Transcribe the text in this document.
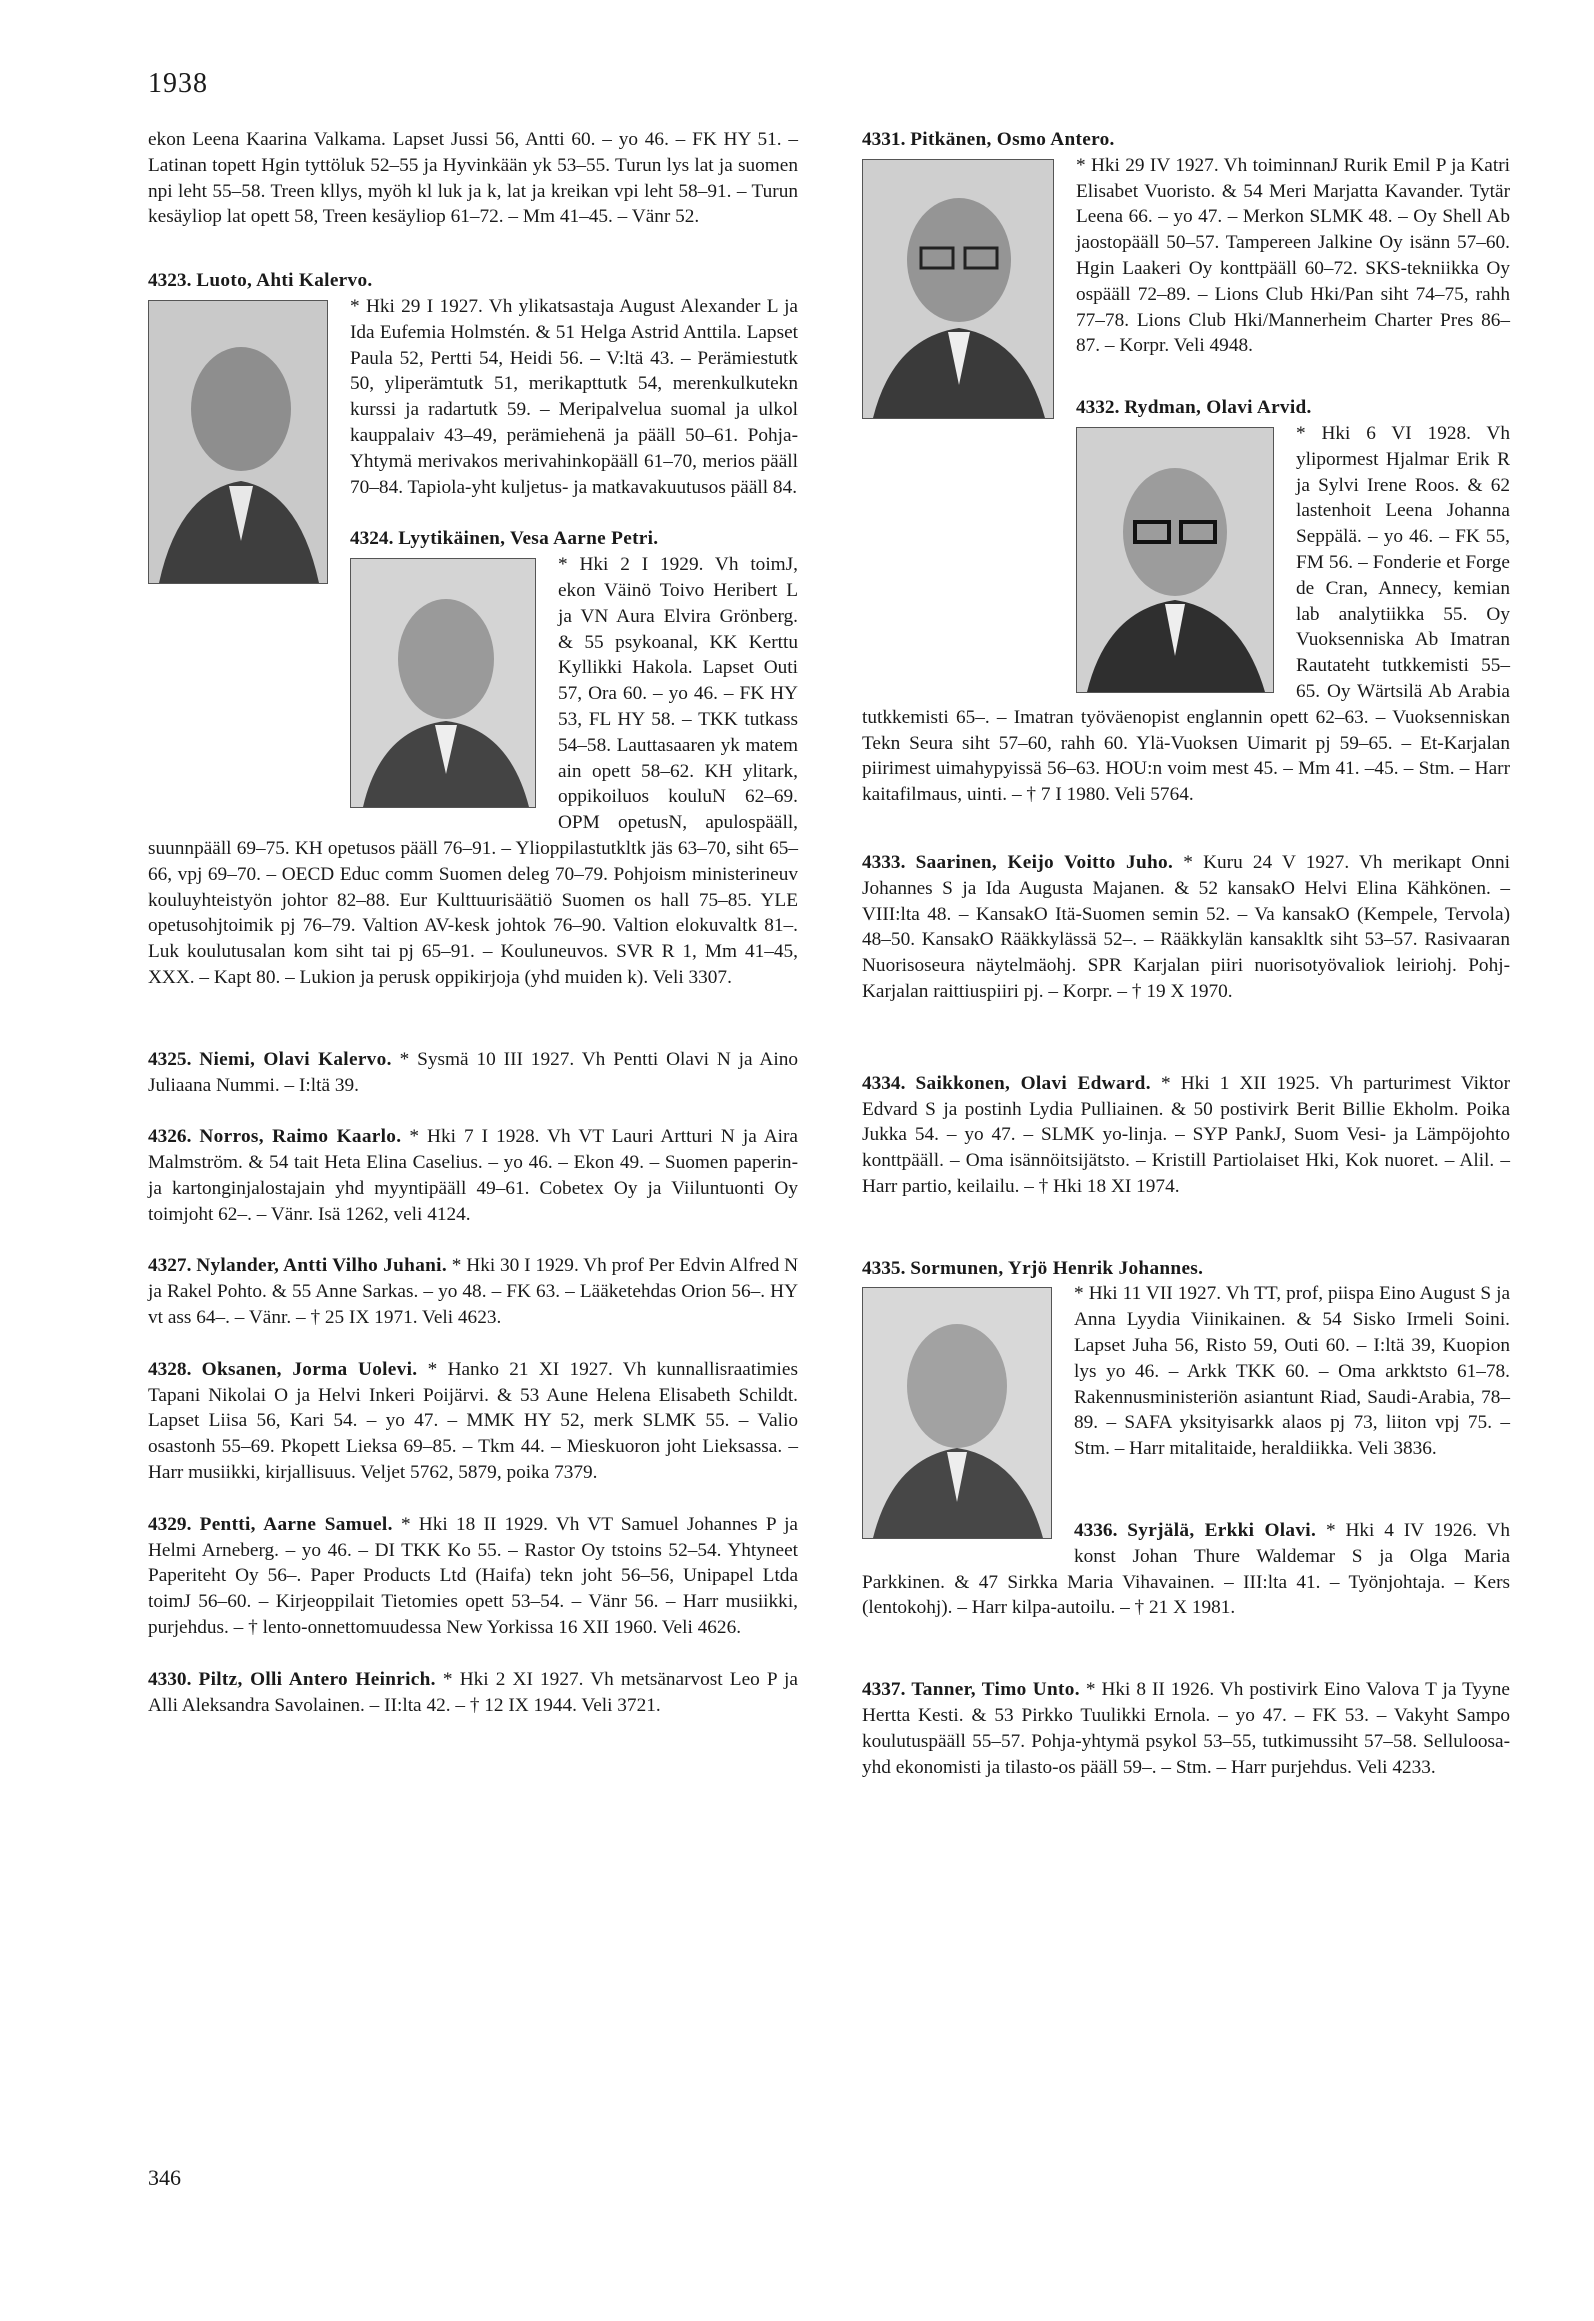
1938

ekon Leena Kaarina Valkama. Lapset Jussi 56, Antti 60. – yo 46. – FK HY 51. – Latinan topett Hgin tyttöluk 52–55 ja Hyvinkään yk 53–55. Turun lys lat ja suomen npi leht 55–58. Treen kllys, myöh kl luk ja k, lat ja kreikan vpi leht 58–91. – Turun kesäyliop lat opett 58, Treen kesäyliop 61–72. – Mm 41–45. – Vänr 52.

4323. Luoto, Ahti Kalervo.

* Hki 29 I 1927. Vh ylikatsastaja August Alexander L ja Ida Eufemia Holmstén. & 51 Helga Astrid Anttila. Lapset Paula 52, Pertti 54, Heidi 56. – V:ltä 43. – Perämiestutk 50, yliperämtutk 51, merikapttutk 54, merenkulkutekn kurssi ja radartutk 59. – Meripalvelua suomal ja ulkol kauppalaiv 43–49, perämiehenä ja pääll 50–61. Pohja-Yhtymä merivakos merivahinkopääll 61–70, merios pääll 70–84. Tapiola-yht kuljetus- ja matkavakuutusos pääll 84.

4324. Lyytikäinen, Vesa Aarne Petri.

* Hki 2 I 1929. Vh toimJ, ekon Väinö Toivo Heribert L ja VN Aura Elvira Grönberg. & 55 psykoanal, KK Kerttu Kyllikki Hakola. Lapset Outi 57, Ora 60. – yo 46. – FK HY 53, FL HY 58. – TKK tutkass 54–58. Lauttasaaren yk matem ain opett 58–62. KH ylitark, oppikoiluos kouluN 62–69. OPM opetusN, apulospääll, suunnpääll 69–75. KH opetusos pääll 76–91. – Ylioppilastutkltk jäs 63–70, siht 65–66, vpj 69–70. – OECD Educ comm Suomen deleg 70–79. Pohjoism ministerineuv kouluyhteistyön johtor 82–88. Eur Kulttuurisäätiö Suomen os hall 75–85. YLE opetusohjtoimik pj 76–79. Valtion AV-kesk johtok 76–90. Valtion elokuvaltk 81–. Luk koulutusalan kom siht tai pj 65–91. – Kouluneuvos. SVR R 1, Mm 41–45, XXX. – Kapt 80. – Lukion ja perusk oppikirjoja (yhd muiden k). Veli 3307.

4325. Niemi, Olavi Kalervo. * Sysmä 10 III 1927. Vh Pentti Olavi N ja Aino Juliaana Nummi. – I:ltä 39.

4326. Norros, Raimo Kaarlo. * Hki 7 I 1928. Vh VT Lauri Artturi N ja Aira Malmström. & 54 tait Heta Elina Caselius. – yo 46. – Ekon 49. – Suomen paperin- ja kartonginjalostajain yhd myyntipääll 49–61. Cobetex Oy ja Viiluntuonti Oy toimjoht 62–. – Vänr. Isä 1262, veli 4124.

4327. Nylander, Antti Vilho Juhani. * Hki 30 I 1929. Vh prof Per Edvin Alfred N ja Rakel Pohto. & 55 Anne Sarkas. – yo 48. – FK 63. – Lääketehdas Orion 56–. HY vt ass 64–. – Vänr. – † 25 IX 1971. Veli 4623.

4328. Oksanen, Jorma Uolevi. * Hanko 21 XI 1927. Vh kunnallisraatimies Tapani Nikolai O ja Helvi Inkeri Poijärvi. & 53 Aune Helena Elisabeth Schildt. Lapset Liisa 56, Kari 54. – yo 47. – MMK HY 52, merk SLMK 55. – Valio osastonh 55–69. Pkopett Lieksa 69–85. – Tkm 44. – Mieskuoron joht Lieksassa. – Harr musiikki, kirjallisuus. Veljet 5762, 5879, poika 7379.

4329. Pentti, Aarne Samuel. * Hki 18 II 1929. Vh VT Samuel Johannes P ja Helmi Arneberg. – yo 46. – DI TKK Ko 55. – Rastor Oy tstoins 52–54. Yhtyneet Paperiteht Oy 56–. Paper Products Ltd (Haifa) tekn joht 56–56, Unipapel Ltda toimJ 56–60. – Kirjeoppilait Tietomies opett 53–54. – Vänr 56. – Harr musiikki, purjehdus. – † lento-onnettomuudessa New Yorkissa 16 XII 1960. Veli 4626.

4330. Piltz, Olli Antero Heinrich. * Hki 2 XI 1927. Vh metsänarvost Leo P ja Alli Aleksandra Savolainen. – II:lta 42. – † 12 IX 1944. Veli 3721.

4331. Pitkänen, Osmo Antero.

* Hki 29 IV 1927. Vh toiminnanJ Rurik Emil P ja Katri Elisabet Vuoristo. & 54 Meri Marjatta Kavander. Tytär Leena 66. – yo 47. – Merkon SLMK 48. – Oy Shell Ab jaostopääll 50–57. Tampereen Jalkine Oy isänn 57–60. Hgin Laakeri Oy konttpääll 60–72. SKS-tekniikka Oy ospääll 72–89. – Lions Club Hki/Pan siht 74–75, rahh 77–78. Lions Club Hki/Mannerheim Charter Pres 86–87. – Korpr. Veli 4948.

4332. Rydman, Olavi Arvid.

* Hki 6 VI 1928. Vh ylipormest Hjalmar Erik R ja Sylvi Irene Roos. & 62 lastenhoit Leena Johanna Seppälä. – yo 46. – FK 55, FM 56. – Fonderie et Forge de Cran, Annecy, kemian lab analytiikka 55. Oy Vuoksenniska Ab Imatran Rautateht tutkkemisti 55–65. Oy Wärtsilä Ab Arabia tutkkemisti 65–. – Imatran työväenopist englannin opett 62–63. – Vuoksenniskan Tekn Seura siht 57–60, rahh 60. Ylä-Vuoksen Uimarit pj 59–65. – Et-Karjalan piirimest uimahypyissä 56–63. HOU:n voim mest 45. – Mm 41. –45. – Stm. – Harr kaitafilmaus, uinti. – † 7 I 1980. Veli 5764.

4333. Saarinen, Keijo Voitto Juho. * Kuru 24 V 1927. Vh merikapt Onni Johannes S ja Ida Augusta Majanen. & 52 kansakO Helvi Elina Kähkönen. – VIII:lta 48. – KansakO Itä-Suomen semin 52. – Va kansakO (Kempele, Tervola) 48–50. KansakO Rääkkylässä 52–. – Rääkkylän kansakltk siht 53–57. Rasivaaran Nuorisoseura näytelmäohj. SPR Karjalan piiri nuorisotyövaliok leiriohj. Pohj-Karjalan raittiuspiiri pj. – Korpr. – † 19 X 1970.

4334. Saikkonen, Olavi Edward. * Hki 1 XII 1925. Vh parturimest Viktor Edvard S ja postinh Lydia Pulliainen. & 50 postivirk Berit Billie Ekholm. Poika Jukka 54. – yo 47. – SLMK yo-linja. – SYP PankJ, Suom Vesi- ja Lämpöjohto konttpääll. – Oma isännöitsijätsto. – Kristill Partiolaiset Hki, Kok nuoret. – Alil. – Harr partio, keilailu. – † Hki 18 XI 1974.

4335. Sormunen, Yrjö Henrik Johannes.

* Hki 11 VII 1927. Vh TT, prof, piispa Eino August S ja Anna Lyydia Viinikainen. & 54 Sisko Irmeli Soini. Lapset Juha 56, Risto 59, Outi 60. – I:ltä 39, Kuopion lys yo 46. – Arkk TKK 60. – Oma arkktsto 61–78. Rakennusministeriön asiantunt Riad, Saudi-Arabia, 78–89. – SAFA yksityisarkk alaos pj 73, liiton vpj 75. – Stm. – Harr mitalitaide, heraldiikka. Veli 3836.

4336. Syrjälä, Erkki Olavi. * Hki 4 IV 1926. Vh konst Johan Thure Waldemar S ja Olga Maria Parkkinen. & 47 Sirkka Maria Vihavainen. – III:lta 41. – Työnjohtaja. – Kers (lentokohj). – Harr kilpa-autoilu. – † 21 X 1981.

4337. Tanner, Timo Unto. * Hki 8 II 1926. Vh postivirk Eino Valova T ja Tyyne Hertta Kesti. & 53 Pirkko Tuulikki Ernola. – yo 47. – FK 53. – Vakyht Sampo koulutuspääll 55–57. Pohja-yhtymä psykol 53–55, tutkimussiht 57–58. Selluloosa-yhd ekonomisti ja tilasto-os pääll 59–. – Stm. – Harr purjehdus. Veli 4233.

346
